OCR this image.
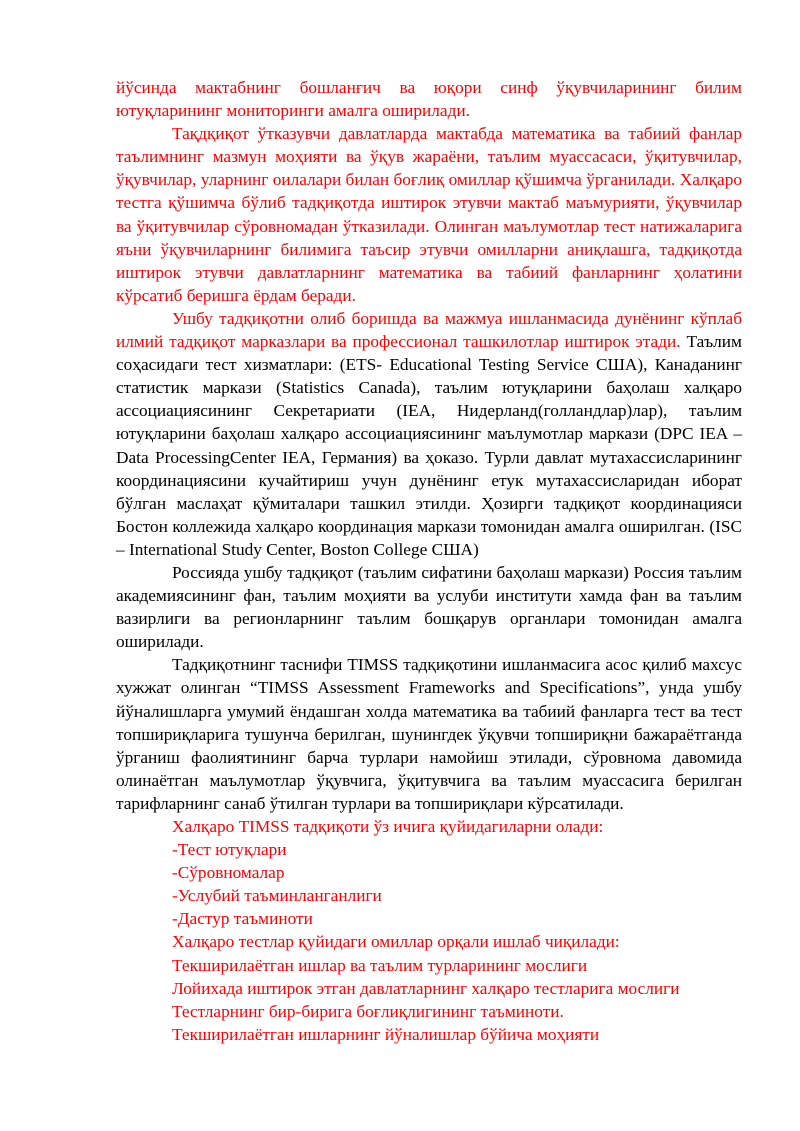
йўсинда мактабнинг бошланғич ва юқори синф ўқувчиларининг билим ютуқларининг мониторинги амалга оширилади.

Тақдқиқот ўтказувчи давлатларда мактабда математика ва табиий фанлар таълимнинг мазмун моҳияти ва ўқув жараёни, таълим муассасаси, ўқитувчилар, ўқувчилар, уларнинг оилалари билан боғлиқ омиллар қўшимча ўрганилади. Халқаро тестга қўшимча бўлиб тадқиқотда иштирок этувчи мактаб маъмурияти, ўқувчилар ва ўқитувчилар сўровномадан ўтказилади. Олинган маълумотлар тест натижаларига яъни ўқувчиларнинг билимига таъсир этувчи омилларни аниқлашга, тадқиқотда иштирок этувчи давлатларнинг математика ва табиий фанларнинг ҳолатини кўрсатиб беришга ёрдам беради.

Ушбу тадқиқотни олиб боришда ва мажмуа ишланмасида дунёнинг кўплаб илмий тадқиқот марказлари ва профессионал ташкилотлар иштирок этади. Таълим соҳасидаги тест хизматлари: (ETS- Educational Testing Service США), Канаданинг статистик маркази (Statistics Canada), таълим ютуқларини баҳолаш халқаро ассоциациясининг Секретариати (IEA, Нидерланд(голландлар)лар), таълим ютуқларини баҳолаш халқаро ассоциациясининг маълумотлар маркази (DPC IEA – Data ProcessingCenter IEA, Германия) ва ҳоказо. Турли давлат мутахассисларининг координациясини кучайтириш учун дунёнинг етук мутахассисларидан иборат бўлган маслаҳат қўмиталари ташкил этилди. Ҳозирги тадқиқот координацияси Бостон коллежида халқаро координация маркази томонидан амалга оширилган. (ISC – International Study Center, Boston College США)

Россияда ушбу тадқиқот (таълим сифатини баҳолаш маркази) Россия таълим академиясининг фан, таълим моҳияти ва услуби институти хамда фан ва таълим вазирлиги ва регионларнинг таълим бошқарув органлари томонидан амалга оширилади.

Тадқиқотнинг таснифи TIMSS тадқиқотини ишланмасига асос қилиб махсус хужжат олинган “TIMSS Assessment Frameworks and Specifications”, унда ушбу йўналишларга умумий ёндашган холда математика ва табиий фанларга тест ва тест топшириқларига тушунча берилган, шунингдек ўқувчи топшириқни бажараётганда ўрганиш фаолиятининг барча турлари намойиш этилади, сўровнома давомида олинаётган маълумотлар ўқувчига, ўқитувчига ва таълим муассасига берилган тарифларнинг санаб ўтилган турлари ва топшириқлари кўрсатилади.

Халқаро TIMSS тадқиқоти ўз ичига қуйидагиларни олади:
-Тест ютуқлари
-Сўровномалар
-Услубий таъминланганлиги
-Дастур таъминоти
Халқаро тестлар қуйидаги омиллар орқали ишлаб чиқилади:
Текширилаётган ишлар ва таълим турларининг мослиги
Лойихада иштирок этган давлатларнинг халқаро тестларига мослиги
Тестларнинг бир-бирига боғлиқлигининг таъминоти.
Текширилаётган ишларнинг йўналишлар бўйича моҳияти
